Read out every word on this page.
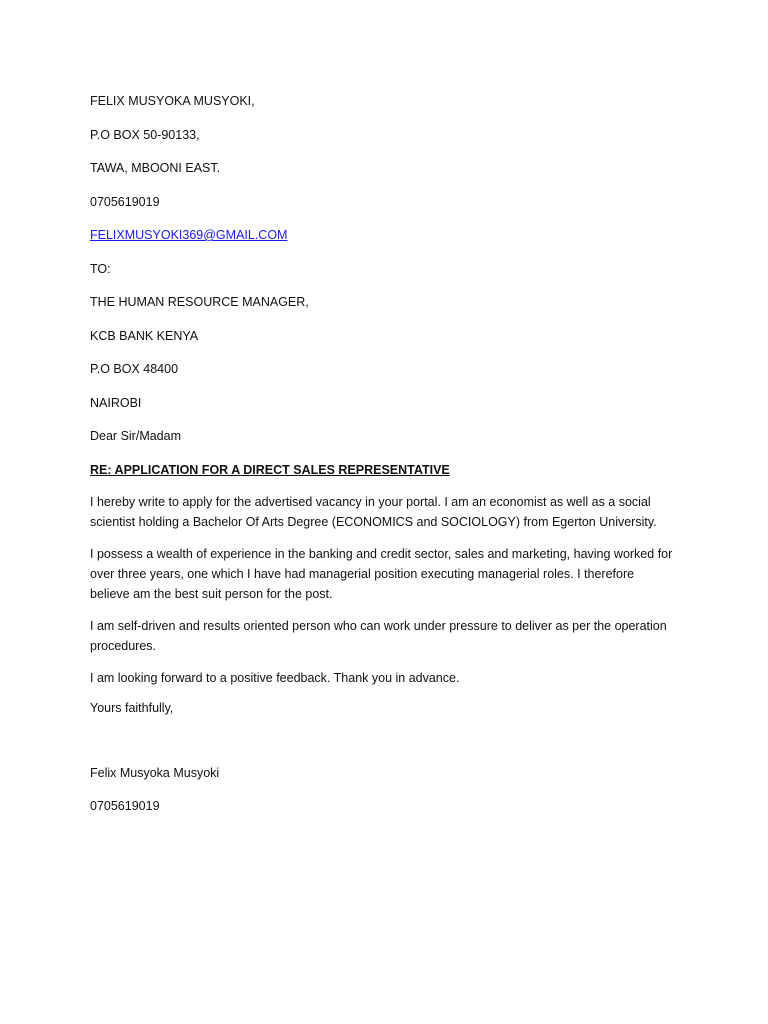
FELIX MUSYOKA MUSYOKI,
P.O BOX 50-90133,
TAWA, MBOONI EAST.
0705619019
FELIXMUSYOKI369@GMAIL.COM
TO:
THE HUMAN RESOURCE MANAGER,
KCB BANK KENYA
P.O BOX 48400
NAIROBI
Dear Sir/Madam
RE: APPLICATION FOR A DIRECT SALES REPRESENTATIVE

I hereby write to apply for the advertised vacancy in your portal. I am an economist as well as a social scientist holding a Bachelor Of Arts Degree (ECONOMICS and SOCIOLOGY) from Egerton University.

I possess a wealth of experience in the banking and credit sector, sales and marketing, having worked for over three years, one which I have had managerial position executing managerial roles. I therefore believe am the best suit person for the post.

I am self-driven and results oriented person who can work under pressure to deliver as per the operation procedures.

I am looking forward to a positive feedback. Thank you in advance.

Yours faithfully,
Felix Musyoka Musyoki
0705619019
